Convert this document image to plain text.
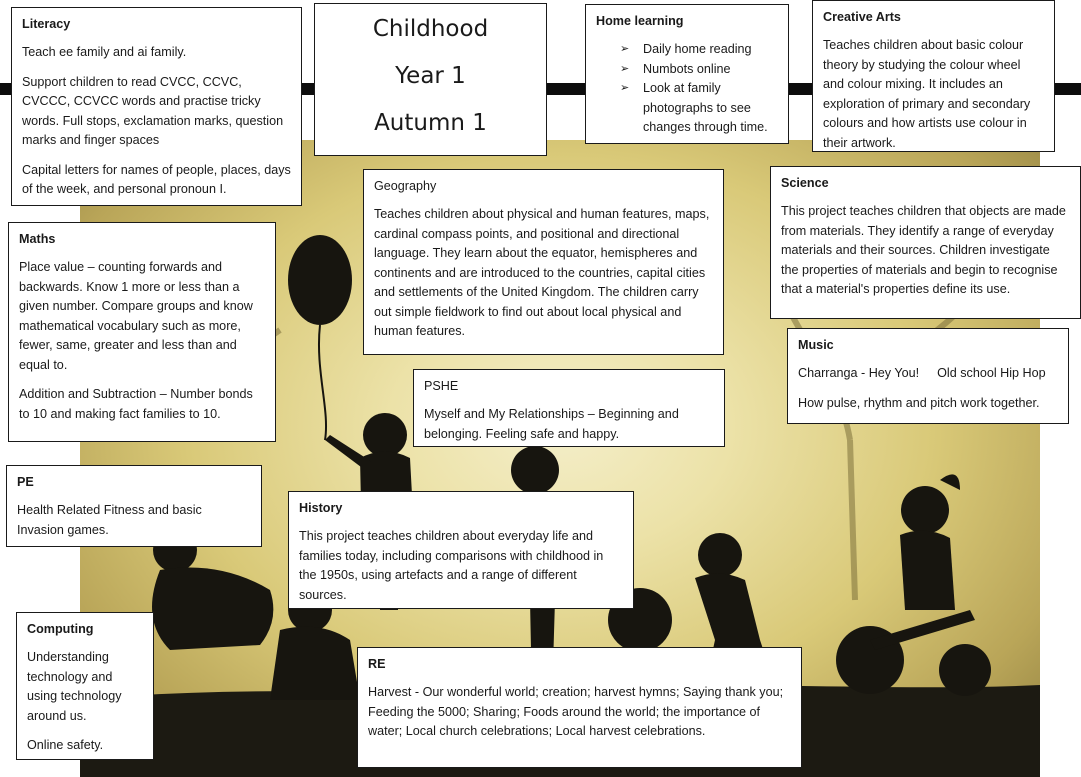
Childhood
Year 1
Autumn 1
Literacy

Teach ee family and ai family.

Support children to read CVCC, CCVC, CVCCC, CCVCC words and practise tricky words. Full stops, exclamation marks, question marks and finger spaces

Capital letters for names of people, places, days of the week, and personal pronoun I.

Home learning
➢ Daily home reading
➢ Numbots online
➢ Look at family photographs to see changes through time.
Creative Arts

Teaches children about basic colour theory by studying the colour wheel and colour mixing. It includes an exploration of primary and secondary colours and how artists use colour in their artwork.

Geography

Teaches children about physical and human features, maps, cardinal compass points, and positional and directional language. They learn about the equator, hemispheres and continents and are introduced to the countries, capital cities and settlements of the United Kingdom. The children carry out simple fieldwork to find out about local physical and human features.

Science

This project teaches children that objects are made from materials. They identify a range of everyday materials and their sources. Children investigate the properties of materials and begin to recognise that a material's properties define its use.

Maths

Place value – counting forwards and backwards. Know 1 more or less than a given number. Compare groups and know mathematical vocabulary such as more, fewer, same, greater and less than and equal to.

Addition and Subtraction – Number bonds to 10 and making fact families to 10.

Music

Charranga - Hey You! Old school Hip Hop

How pulse, rhythm and pitch work together.

PSHE

Myself and My Relationships – Beginning and belonging. Feeling safe and happy.

PE

Health Related Fitness and basic Invasion games.

History

This project teaches children about everyday life and families today, including comparisons with childhood in the 1950s, using artefacts and a range of different sources.

Computing

Understanding technology and using technology around us.

Online safety.

RE

Harvest - Our wonderful world; creation; harvest hymns; Saying thank you; Feeding the 5000; Sharing; Foods around the world; the importance of water; Local church celebrations; Local harvest celebrations.
